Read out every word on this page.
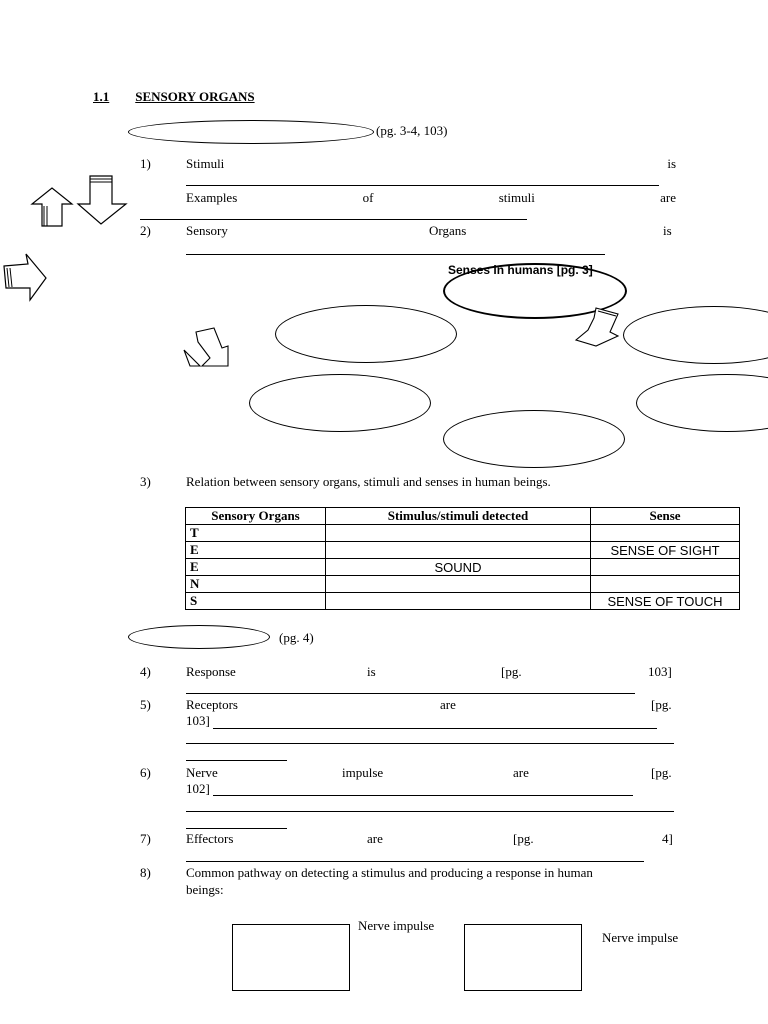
1.1 SENSORY ORGANS
(pg. 3-4, 103)
1)	Stimuli	is
Examples	of	stimuli	are
2)	Sensory	Organs	is
Senses in humans [pg. 3]
3)	Relation between sensory organs, stimuli and senses in human beings.
Sensory Organs	Stimulus/stimuli detected	Sense
T		
E		SENSE OF SIGHT
E	SOUND	
N		
S		SENSE OF TOUCH
(pg. 4)
4)	Response	is	[pg.	103]
5)	Receptors	are	[pg.
103]
6)	Nerve	impulse	are	[pg.
102]
7)	Effectors	are	[pg.	4]
8)	Common pathway on detecting a stimulus and producing a response in human
beings:
Nerve impulse
Nerve impulse
